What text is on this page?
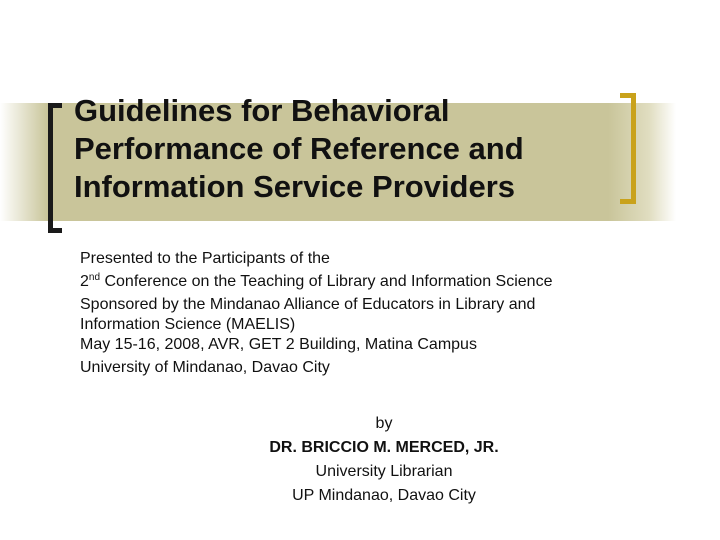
Guidelines for Behavioral
Performance of Reference and
Information Service Providers
Presented to the Participants of the
2nd Conference on the Teaching of Library and Information Science
Sponsored by the Mindanao Alliance of Educators in Library and
Information Science (MAELIS)
May 15-16, 2008, AVR, GET 2 Building, Matina Campus
University of Mindanao, Davao City
by
DR. BRICCIO M. MERCED, JR.
University Librarian
UP Mindanao, Davao City
